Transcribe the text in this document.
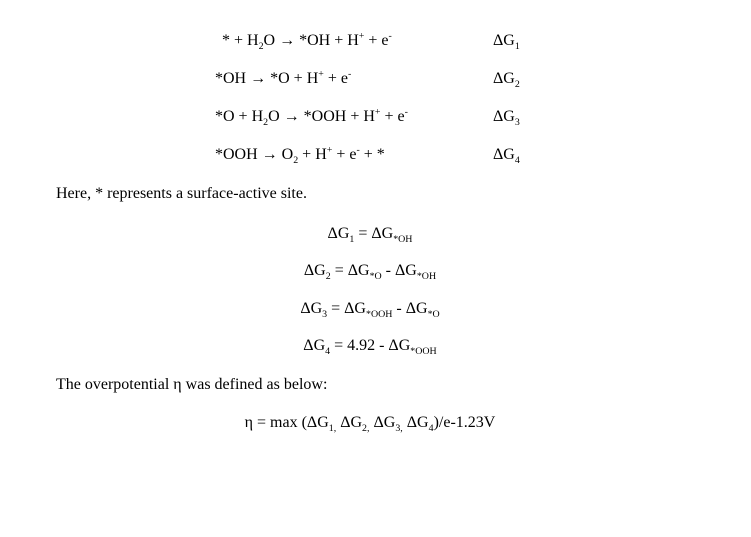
* + $H_2O \to *OH + H^+ + e^-$	$\Delta G_1$
*OH → *O + H+ + e-	$\Delta G_2$
$*O + H_2O \to *OOH + H^+ + e^-$	$\Delta G_3$
$*OOH \to O_2 + H^+ + e^-$ + *	$\Delta G_4$
Here, * represents a surface-active site.
$\Delta G_1 = \Delta G_{*OH}$
$\Delta G_2 = \Delta G_{*O} - \Delta G_{*OH}$
$\Delta G_3 = \Delta G_{*OOH} - \Delta G_{*O}$
$\Delta G_4 = 4.92 - \Delta G_{*OOH}$
The overpotential η was defined as below:
$\eta = \max (\Delta G_{1,}$ $\Delta G_{2,}$ $\Delta G_{3,}$ $\Delta G_4)/e-1.23V$
